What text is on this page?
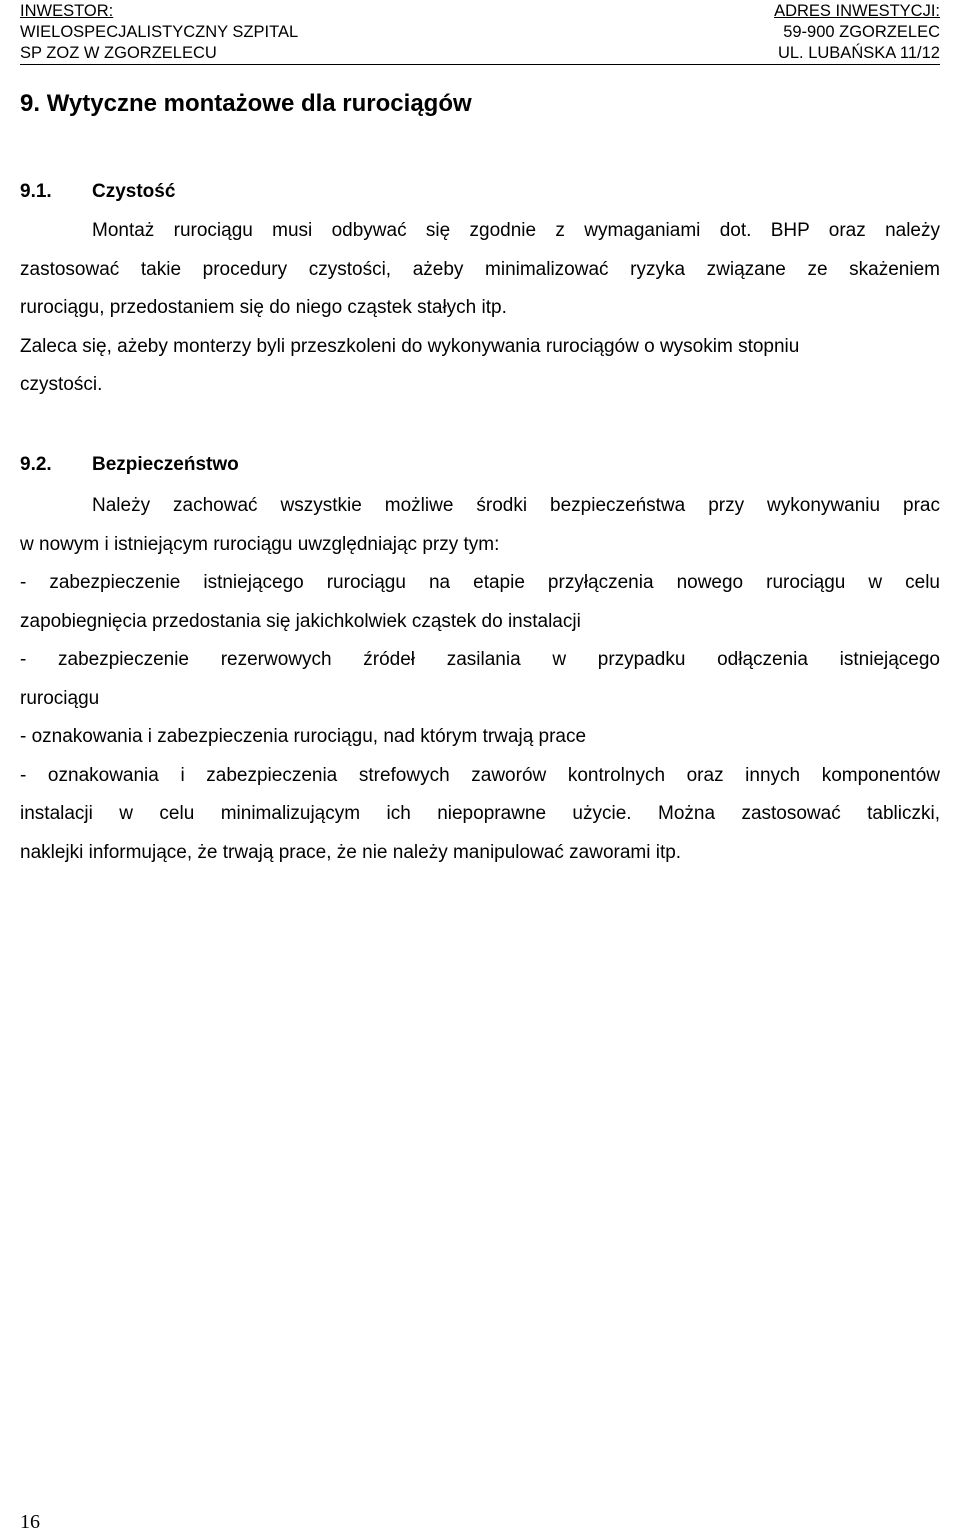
INWESTOR:
WIELOSPECJALISTYCZNY SZPITAL
SP ZOZ W ZGORZELECU
ADRES INWESTYCJI:
59-900 ZGORZELEC
UL. LUBAŃSKA 11/12
9. Wytyczne montażowe dla rurociągów
9.1. Czystość
Montaż rurociągu musi odbywać się zgodnie z wymaganiami dot. BHP oraz należy
zastosować takie procedury czystości, ażeby minimalizować ryzyka związane ze skażeniem
rurociągu, przedostaniem się do niego cząstek stałych itp.
Zaleca się, ażeby monterzy byli przeszkoleni do wykonywania rurociągów o wysokim stopniu
czystości.
9.2. Bezpieczeństwo
Należy zachować wszystkie możliwe środki bezpieczeństwa przy wykonywaniu prac
w nowym i istniejącym rurociągu uwzględniając przy tym:
- zabezpieczenie istniejącego rurociągu na etapie przyłączenia nowego rurociągu w celu
zapobiegnięcia przedostania się jakichkolwiek cząstek do instalacji
- zabezpieczenie rezerwowych źródeł zasilania w przypadku odłączenia istniejącego
rurociągu
- oznakowania i zabezpieczenia rurociągu, nad którym trwają prace
- oznakowania i zabezpieczenia strefowych zaworów kontrolnych oraz innych komponentów
instalacji w celu minimalizującym ich niepoprawne użycie. Można zastosować tabliczki,
naklejki informujące, że trwają prace, że nie należy manipulować zaworami itp.
16
